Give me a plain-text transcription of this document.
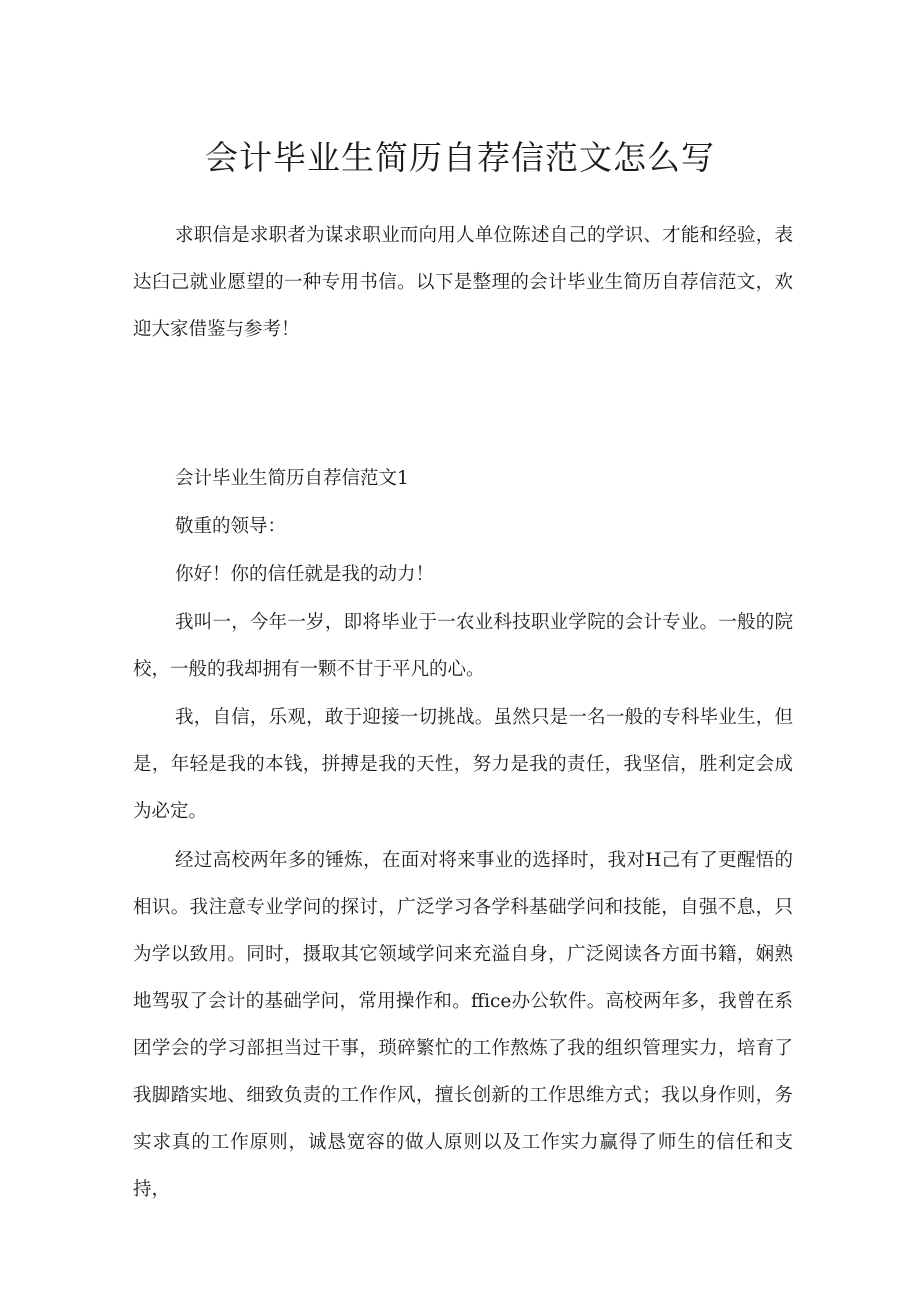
会计毕业生简历自荐信范文怎么写

求职信是求职者为谋求职业而向用人单位陈述自己的学识、才能和经验，表达臼己就业愿望的一种专用书信。以下是整理的会计毕业生简历自荐信范文，欢迎大家借鉴与参考！

会计毕业生简历自荐信范文1

敬重的领导：

你好！你的信任就是我的动力！

我叫一，今年一岁，即将毕业于一农业科技职业学院的会计专业。一般的院校，一般的我却拥有一颗不甘于平凡的心。

我，自信，乐观，敢于迎接一切挑战。虽然只是一名一般的专科毕业生，但是，年轻是我的本钱，拼搏是我的天性，努力是我的责任，我坚信，胜利定会成为必定。

经过高校两年多的锤炼，在面对将来事业的选择时，我对H己有了更醒悟的相识。我注意专业学问的探讨，广泛学习各学科基础学问和技能，自强不息，只为学以致用。同时，摄取其它领域学问来充溢自身，广泛阅读各方面书籍，娴熟地驾驭了会计的基础学问，常用操作和。ffice办公软件。高校两年多，我曾在系团学会的学习部担当过干事，琐碎繁忙的工作熬炼了我的组织管理实力，培育了我脚踏实地、细致负责的工作作风，擅长创新的工作思维方式；我以身作则，务实求真的工作原则，诚恳宽容的做人原则以及工作实力赢得了师生的信任和支持，
